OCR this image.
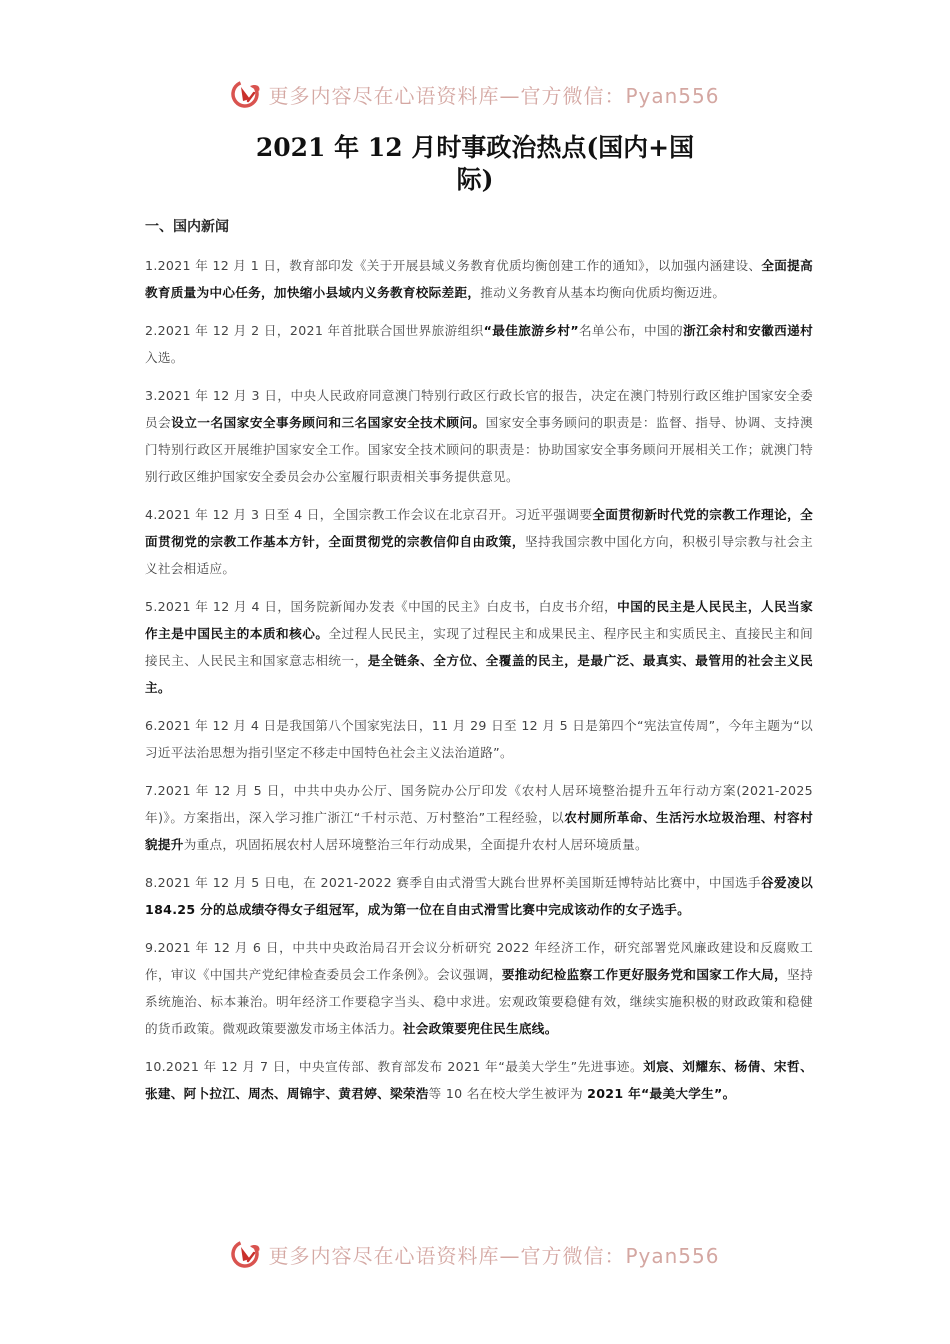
更多内容尽在心语资料库—官方微信：Pyan556
2021 年 12 月时事政治热点(国内+国
际)
一、国内新闻

1.2021 年 12 月 1 日，教育部印发《关于开展县域义务教育优质均衡创建工作的通知》，以加强内涵建设、全面提高教育质量为中心任务，加快缩小县域内义务教育校际差距，推动义务教育从基本均衡向优质均衡迈进。

2.2021 年 12 月 2 日，2021 年首批联合国世界旅游组织“最佳旅游乡村”名单公布，中国的浙江余村和安徽西递村入选。

3.2021 年 12 月 3 日，中央人民政府同意澳门特别行政区行政长官的报告，决定在澳门特别行政区维护国家安全委员会设立一名国家安全事务顾问和三名国家安全技术顾问。国家安全事务顾问的职责是：监督、指导、协调、支持澳门特别行政区开展维护国家安全工作。国家安全技术顾问的职责是：协助国家安全事务顾问开展相关工作；就澳门特别行政区维护国家安全委员会办公室履行职责相关事务提供意见。

4.2021 年 12 月 3 日至 4 日，全国宗教工作会议在北京召开。习近平强调要全面贯彻新时代党的宗教工作理论，全面贯彻党的宗教工作基本方针，全面贯彻党的宗教信仰自由政策，坚持我国宗教中国化方向，积极引导宗教与社会主义社会相适应。

5.2021 年 12 月 4 日，国务院新闻办发表《中国的民主》白皮书，白皮书介绍，中国的民主是人民民主，人民当家作主是中国民主的本质和核心。全过程人民民主，实现了过程民主和成果民主、程序民主和实质民主、直接民主和间接民主、人民民主和国家意志相统一，是全链条、全方位、全覆盖的民主，是最广泛、最真实、最管用的社会主义民主。

6.2021 年 12 月 4 日是我国第八个国家宪法日，11 月 29 日至 12 月 5 日是第四个“宪法宣传周”，今年主题为“以习近平法治思想为指引坚定不移走中国特色社会主义法治道路”。

7.2021 年 12 月 5 日，中共中央办公厅、国务院办公厅印发《农村人居环境整治提升五年行动方案(2021-2025 年)》。方案指出，深入学习推广浙江“千村示范、万村整治”工程经验，以农村厕所革命、生活污水垃圾治理、村容村貌提升为重点，巩固拓展农村人居环境整治三年行动成果，全面提升农村人居环境质量。

8.2021 年 12 月 5 日电，在 2021-2022 赛季自由式滑雪大跳台世界杯美国斯廷博特站比赛中，中国选手谷爱凌以 184.25 分的总成绩夺得女子组冠军，成为第一位在自由式滑雪比赛中完成该动作的女子选手。

9.2021 年 12 月 6 日，中共中央政治局召开会议分析研究 2022 年经济工作，研究部署党风廉政建设和反腐败工作，审议《中国共产党纪律检查委员会工作条例》。会议强调，要推动纪检监察工作更好服务党和国家工作大局，坚持系统施治、标本兼治。明年经济工作要稳字当头、稳中求进。宏观政策要稳健有效，继续实施积极的财政政策和稳健的货币政策。微观政策要激发市场主体活力。社会政策要兜住民生底线。

10.2021 年 12 月 7 日，中央宣传部、教育部发布 2021 年“最美大学生”先进事迹。刘宸、刘耀东、杨倩、宋哲、张建、阿卜拉江、周杰、周锦宇、黄君婷、梁荣浩等 10 名在校大学生被评为 2021 年“最美大学生”。

更多内容尽在心语资料库—官方微信：Pyan556
